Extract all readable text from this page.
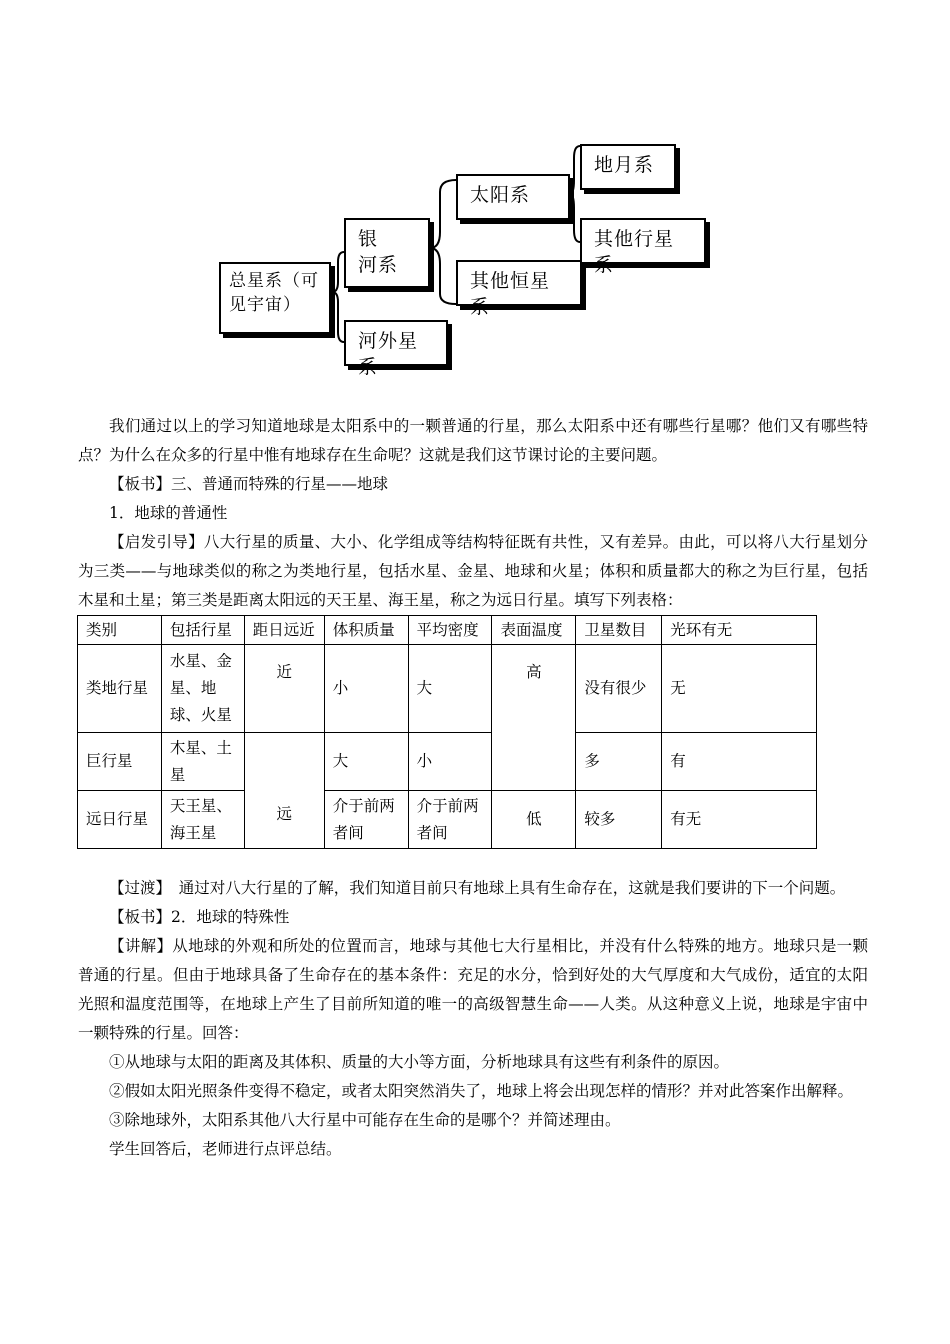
总星系（可见宇宙）
银　河系
河外星系
太阳系
其他恒星系
地月系
其他行星系

我们通过以上的学习知道地球是太阳系中的一颗普通的行星，那么太阳系中还有哪些行星哪？他们又有哪些特点？为什么在众多的行星中惟有地球存在生命呢？这就是我们这节课讨论的主要问题。

【板书】三、普通而特殊的行星——地球

1．地球的普通性

【启发引导】八大行星的质量、大小、化学组成等结构特征既有共性，又有差异。由此，可以将八大行星划分为三类——与地球类似的称之为类地行星，包括水星、金星、地球和火星；体积和质量都大的称之为巨行星，包括木星和土星；第三类是距离太阳远的天王星、海王星，称之为远日行星。填写下列表格：

类别	包括行星	距日远近	体积质量	平均密度	表面温度	卫星数目	光环有无
类地行星	水星、金星、地球、火星	近	小	大	高	没有很少	无
巨行星	木星、土星	远	大	小		多	有
远日行星	天王星、海王星		介于前两者间	介于前两者间	低	较多	有无

【过渡】　通过对八大行星的了解，我们知道目前只有地球上具有生命存在，这就是我们要讲的下一个问题。

【板书】2．地球的特殊性

【讲解】从地球的外观和所处的位置而言，地球与其他七大行星相比，并没有什么特殊的地方。地球只是一颗普通的行星。但由于地球具备了生命存在的基本条件：充足的水分，恰到好处的大气厚度和大气成份，适宜的太阳光照和温度范围等，在地球上产生了目前所知道的唯一的高级智慧生命——人类。从这种意义上说，地球是宇宙中一颗特殊的行星。回答：

①从地球与太阳的距离及其体积、质量的大小等方面，分析地球具有这些有利条件的原因。

②假如太阳光照条件变得不稳定，或者太阳突然消失了，地球上将会出现怎样的情形？并对此答案作出解释。

③除地球外，太阳系其他八大行星中可能存在生命的是哪个？并简述理由。

学生回答后，老师进行点评总结。
